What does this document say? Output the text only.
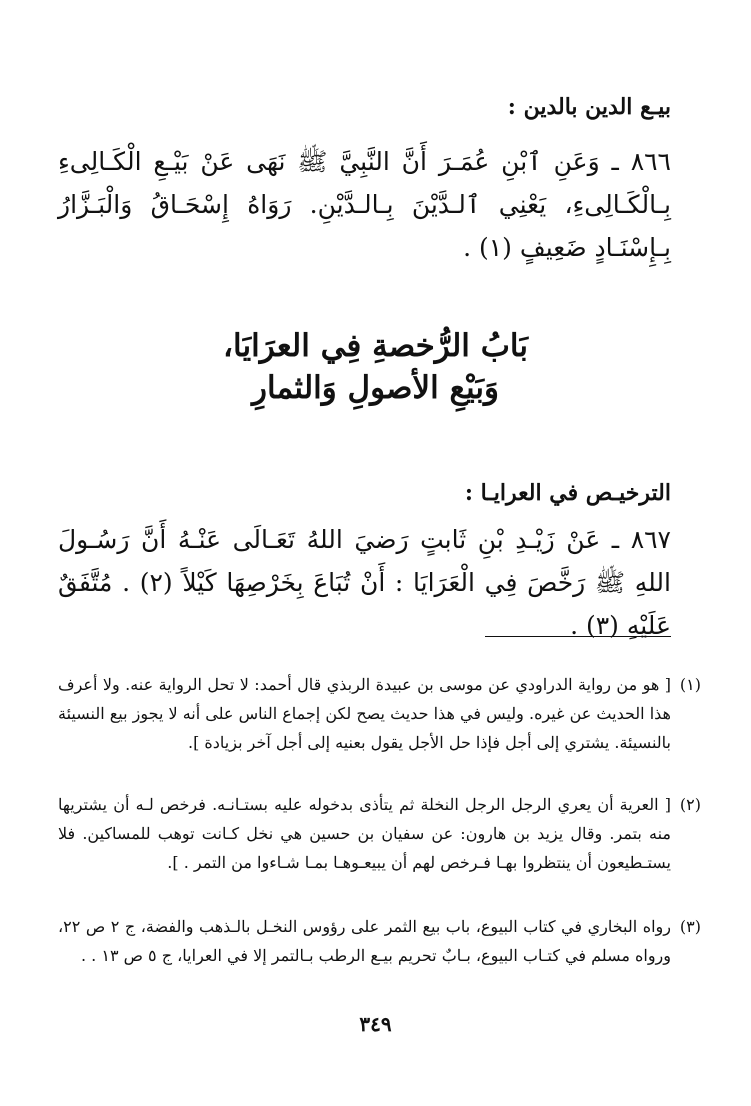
بيـع الدين بالدين :
٨٦٦ ـ وَعَنِ ٱبْنِ عُمَـرَ أَنَّ النَّبِيَّ ﷺ نَهَى عَنْ بَيْـعِ الْكَـالِىءِ بِـالْكَـالِىءِ، يَعْنِي ٱلـدَّيْنَ بِـالـدَّيْنِ. رَوَاهُ إِسْحَـاقُ وَالْبَـزَّارُ بِـإِسْنَـادٍ ضَعِيفٍ (١) .
بَابُ الرُّخصةِ فِي العرَايَا،
وَبَيْعِ الأصولِ وَالثمارِ
الترخيـص في العرايـا :
٨٦٧ ـ عَنْ زَيْـدِ بْنِ ثَابتٍ رَضيَ اللهُ تَعَـالَى عَنْـهُ أَنَّ رَسُـولَ اللهِ ﷺ رَخَّصَ فِي الْعَرَايَا : أَنْ تُبَاعَ بِخَرْصِهَا كَيْلاً (٢) . مُتَّفَقٌ عَلَيْهِ (٣) .
(١)
[ هو من رواية الدراودي عن موسى بن عبيدة الربذي قال أحمد: لا تحل الرواية عنه. ولا أعرف هذا الحديث عن غيره. وليس في هذا حديث يصح لكن إجماع الناس على أنه لا يجوز بيع النسيئة بالنسيئة. يشتري إلى أجل فإذا حل الأجل يقول بعنيه إلى أجل آخر بزيادة ].
(٢)
[ العرية أن يعري الرجل الرجل النخلة ثم يتأذى بدخوله عليه بستـانـه. فرخص لـه أن يشتريها منه بتمر. وقال يزيد بن هارون: عن سفيان بن حسين هي نخل كـانت توهب للمساكين. فلا يستـطيعون أن ينتظروا بهـا فـرخص لهم أن يبيعـوهـا بمـا شـاءوا من التمر . ].
(٣)
رواه البخاري في كتاب البيوع، باب بيع الثمر على رؤوس النخـل بالـذهب والفضة، ج ٢ ص ٢٢، ورواه مسلم في كتـاب البيوع، بـابٌ تحريم بيـع الرطب بـالتمر إلا في العرايا، ج ٥ ص ١٣ . .
٣٤٩
